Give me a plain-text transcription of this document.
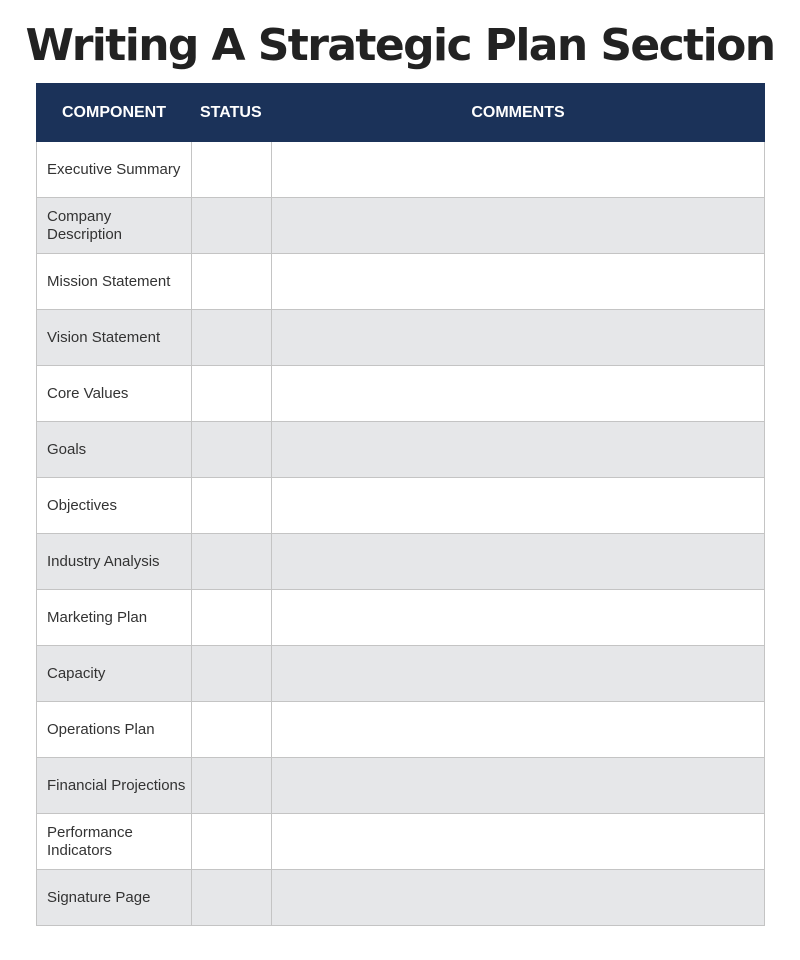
Writing A Strategic Plan Section
COMPONENT	STATUS	COMMENTS
Executive Summary		
Company Description		
Mission Statement		
Vision Statement		
Core Values		
Goals		
Objectives		
Industry Analysis		
Marketing Plan		
Capacity		
Operations Plan		
Financial Projections		
Performance Indicators		
Signature Page		
